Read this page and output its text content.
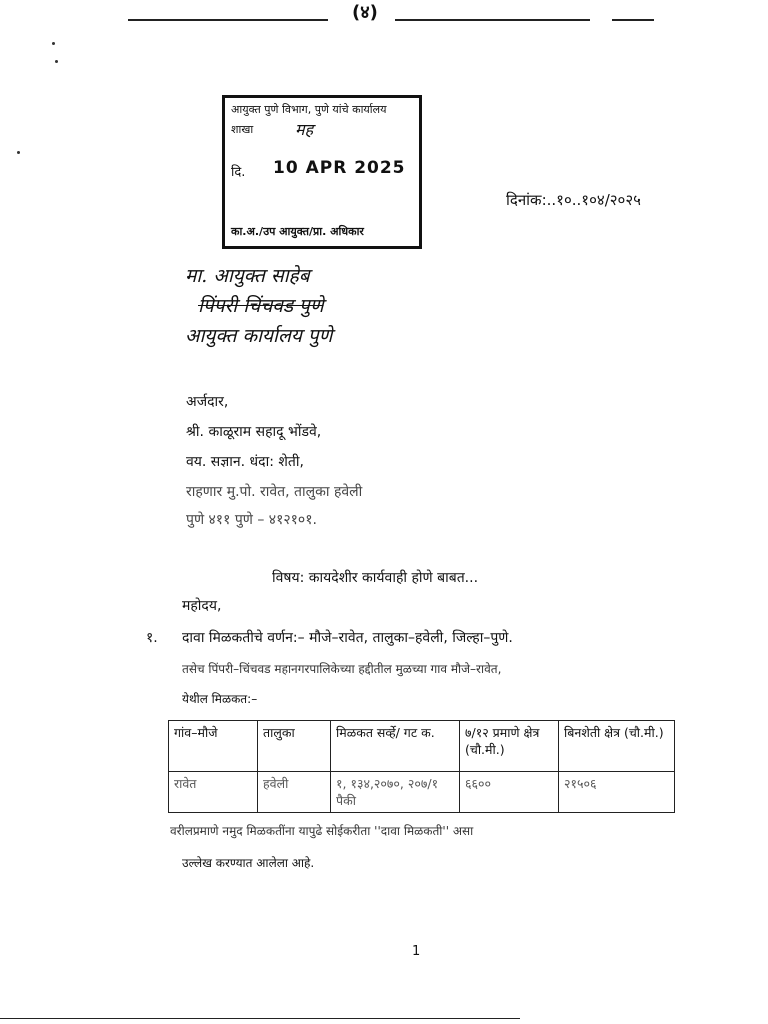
(४)
आयुक्त पुणे विभाग, पुणे यांचे कार्यालय
शाखा	मह
दि. 10 APR 2025
का.अ./उप आयुक्त/प्रा. अधिकार
दिनांक:..१०..१०४/२०२५
मा. आयुक्त साहेब
पिंपरी चिंचवड पुणे
आयुक्त कार्यालय पुणे
अर्जदार,
श्री. काळूराम सहादू भोंडवे,
वय. सज्ञान. धंदा: शेती,
राहणार मु.पो. रावेत, तालुका हवेली
पुणे ४११ पुणे – ४१२१०१.
विषय: कायदेशीर कार्यवाही होणे बाबत...
महोदय,
१. दावा मिळकतीचे वर्णन:– मौजे–रावेत, तालुका–हवेली, जिल्हा–पुणे.
तसेच पिंपरी–चिंचवड महानगरपालिकेच्या हद्दीतील मुळच्या गाव मौजे–रावेत,
येथील मिळकत:–
गांव–मौजे	तालुका	मिळकत सर्व्हे/ गट क.	७/१२ प्रमाणे क्षेत्र (चौ.मी.)	बिनशेती क्षेत्र (चौ.मी.)
रावेत	हवेली	१, १३४,२०७०, २०७/१ पैकी	६६००	२१५०६
वरीलप्रमाणे नमुद मिळकतींना यापुढे सोईकरीता ''दावा मिळकती'' असा
उल्लेख करण्यात आलेला आहे.
1
